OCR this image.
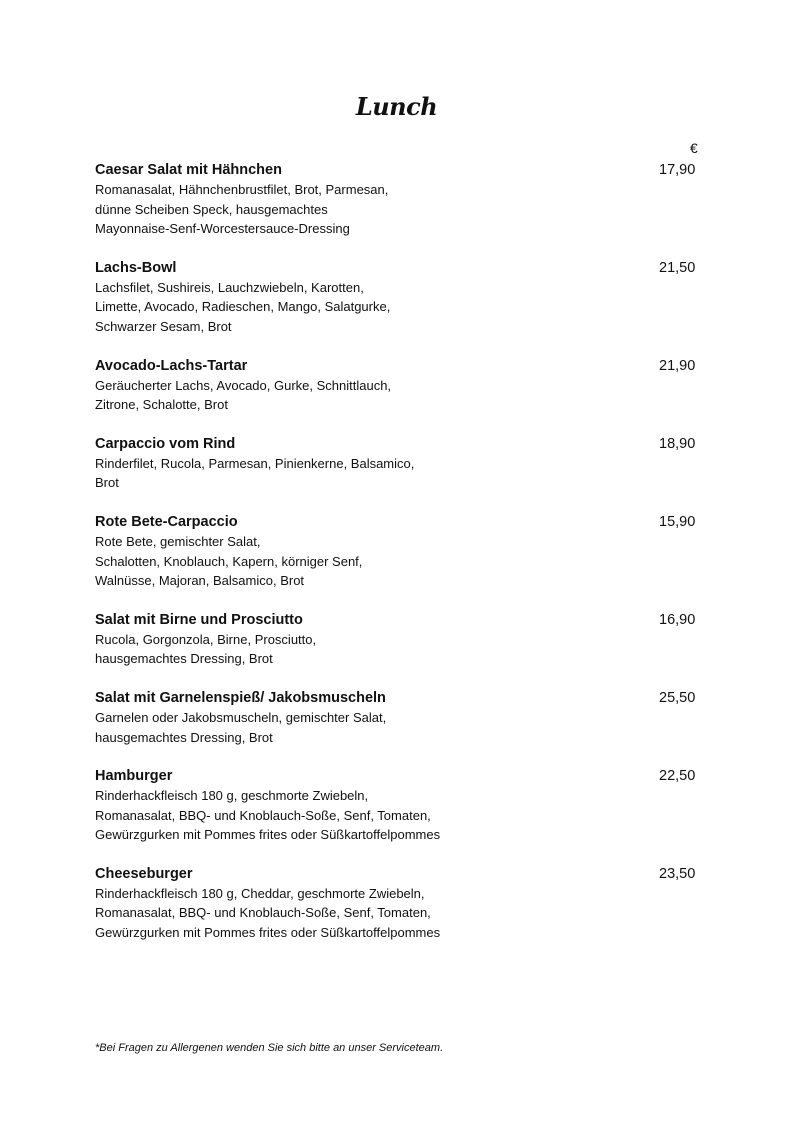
Lunch
€
Caesar Salat mit Hähnchen	17,90
Romanasalat, Hähnchenbrustfilet, Brot, Parmesan,
dünne Scheiben Speck, hausgemachtes
Mayonnaise-Senf-Worcestersauce-Dressing
Lachs-Bowl	21,50
Lachsfilet, Sushireis, Lauchzwiebeln, Karotten,
Limette, Avocado, Radieschen, Mango, Salatgurke,
Schwarzer Sesam, Brot
Avocado-Lachs-Tartar	21,90
Geräucherter Lachs, Avocado, Gurke, Schnittlauch,
Zitrone, Schalotte, Brot
Carpaccio vom Rind	18,90
Rinderfilet, Rucola, Parmesan, Pinienkerne, Balsamico,
Brot
Rote Bete-Carpaccio	15,90
Rote Bete, gemischter Salat,
Schalotten, Knoblauch, Kapern, körniger Senf,
Walnüsse, Majoran, Balsamico, Brot
Salat mit Birne und Prosciutto	16,90
Rucola, Gorgonzola, Birne, Prosciutto,
hausgemachtes Dressing, Brot
Salat mit Garnelenspieß/ Jakobsmuscheln	25,50
Garnelen oder Jakobsmuscheln, gemischter Salat,
hausgemachtes Dressing, Brot
Hamburger	22,50
Rinderhackfleisch 180 g, geschmorte Zwiebeln,
Romanasalat, BBQ- und Knoblauch-Soße, Senf, Tomaten,
Gewürzgurken mit Pommes frites oder Süßkartoffelpommes
Cheeseburger	23,50
Rinderhackfleisch 180 g, Cheddar, geschmorte Zwiebeln,
Romanasalat, BBQ- und Knoblauch-Soße, Senf, Tomaten,
Gewürzgurken mit Pommes frites oder Süßkartoffelpommes
*Bei Fragen zu Allergenen wenden Sie sich bitte an unser Serviceteam.
